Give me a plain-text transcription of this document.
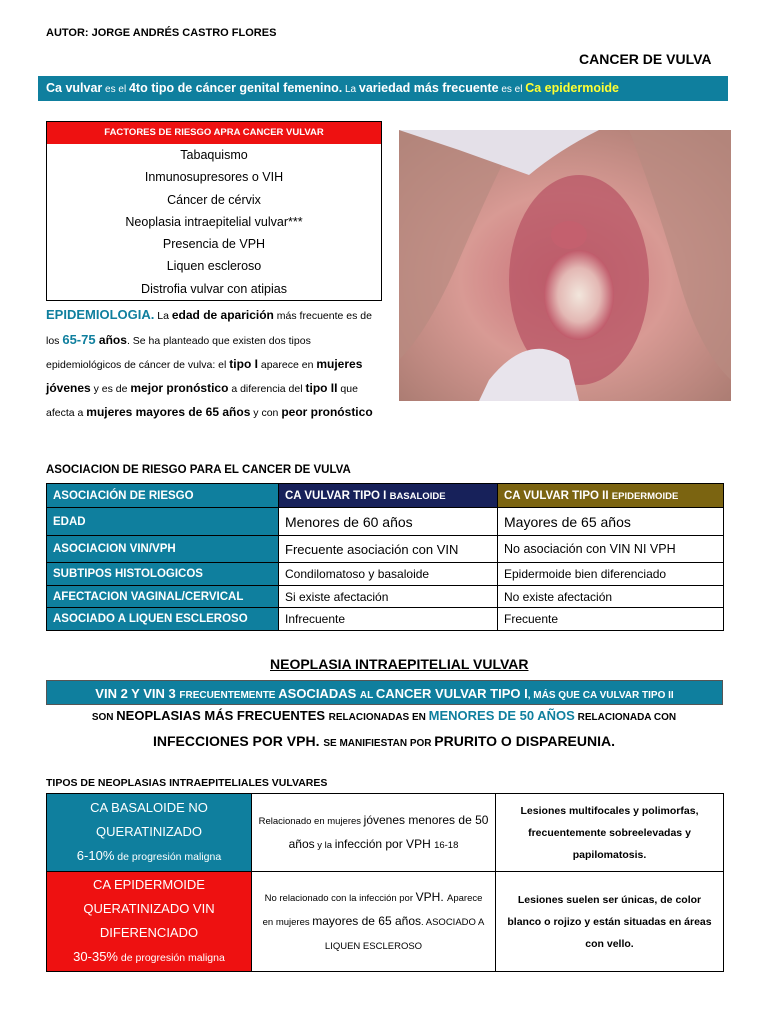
AUTOR: JORGE ANDRÉS CASTRO FLORES
CANCER DE VULVA
Ca vulvar es el 4to tipo de cáncer genital femenino. La variedad más frecuente es el Ca epidermoide
FACTORES DE RIESGO APRA CANCER VULVAR
Tabaquismo
Inmunosupresores o VIH
Cáncer de cérvix
Neoplasia intraepitelial vulvar***
Presencia de VPH
Liquen escleroso
Distrofia vulvar con atipias
EPIDEMIOLOGIA. La edad de aparición más frecuente es de los 65-75 años. Se ha planteado que existen dos tipos epidemiológicos de cáncer de vulva: el tipo I aparece en mujeres jóvenes y es de mejor pronóstico a diferencia del tipo II que afecta a mujeres mayores de 65 años y con peor pronóstico
ASOCIACION DE RIESGO PARA EL CANCER DE VULVA
ASOCIACIÓN DE RIESGO	CA VULVAR TIPO I BASALOIDE	CA VULVAR TIPO II EPIDERMOIDE
EDAD	Menores de 60 años	Mayores de 65 años
ASOCIACION VIN/VPH	Frecuente asociación con VIN	No asociación con VIN NI VPH
SUBTIPOS HISTOLOGICOS	Condilomatoso y basaloide	Epidermoide bien diferenciado
AFECTACION VAGINAL/CERVICAL	Si existe afectación	No existe afectación
ASOCIADO A LIQUEN ESCLEROSO	Infrecuente	Frecuente
NEOPLASIA INTRAEPITELIAL VULVAR
VIN 2 Y VIN 3 FRECUENTEMENTE ASOCIADAS AL CANCER VULVAR TIPO I, MÁS QUE CA VULVAR TIPO II
SON NEOPLASIAS MÁS FRECUENTES RELACIONADAS EN MENORES DE 50 AÑOS RELACIONADA CON
INFECCIONES POR VPH. SE MANIFIESTAN POR PRURITO O DISPAREUNIA.
TIPOS DE NEOPLASIAS INTRAEPITELIALES VULVARES
CA BASALOIDE NO QUERATINIZADO
6-10% de progresión maligna	Relacionado en mujeres jóvenes menores de 50 años y la infección por VPH 16-18	Lesiones multifocales y polimorfas, frecuentemente sobreelevadas y papilomatosis.

CA EPIDERMOIDE QUERATINIZADO VIN DIFERENCIADO
30-35% de progresión maligna	No relacionado con la infección por VPH. Aparece en mujeres mayores de 65 años. ASOCIADO A LIQUEN ESCLEROSO	Lesiones suelen ser únicas, de color blanco o rojizo y están situadas en áreas con vello.
